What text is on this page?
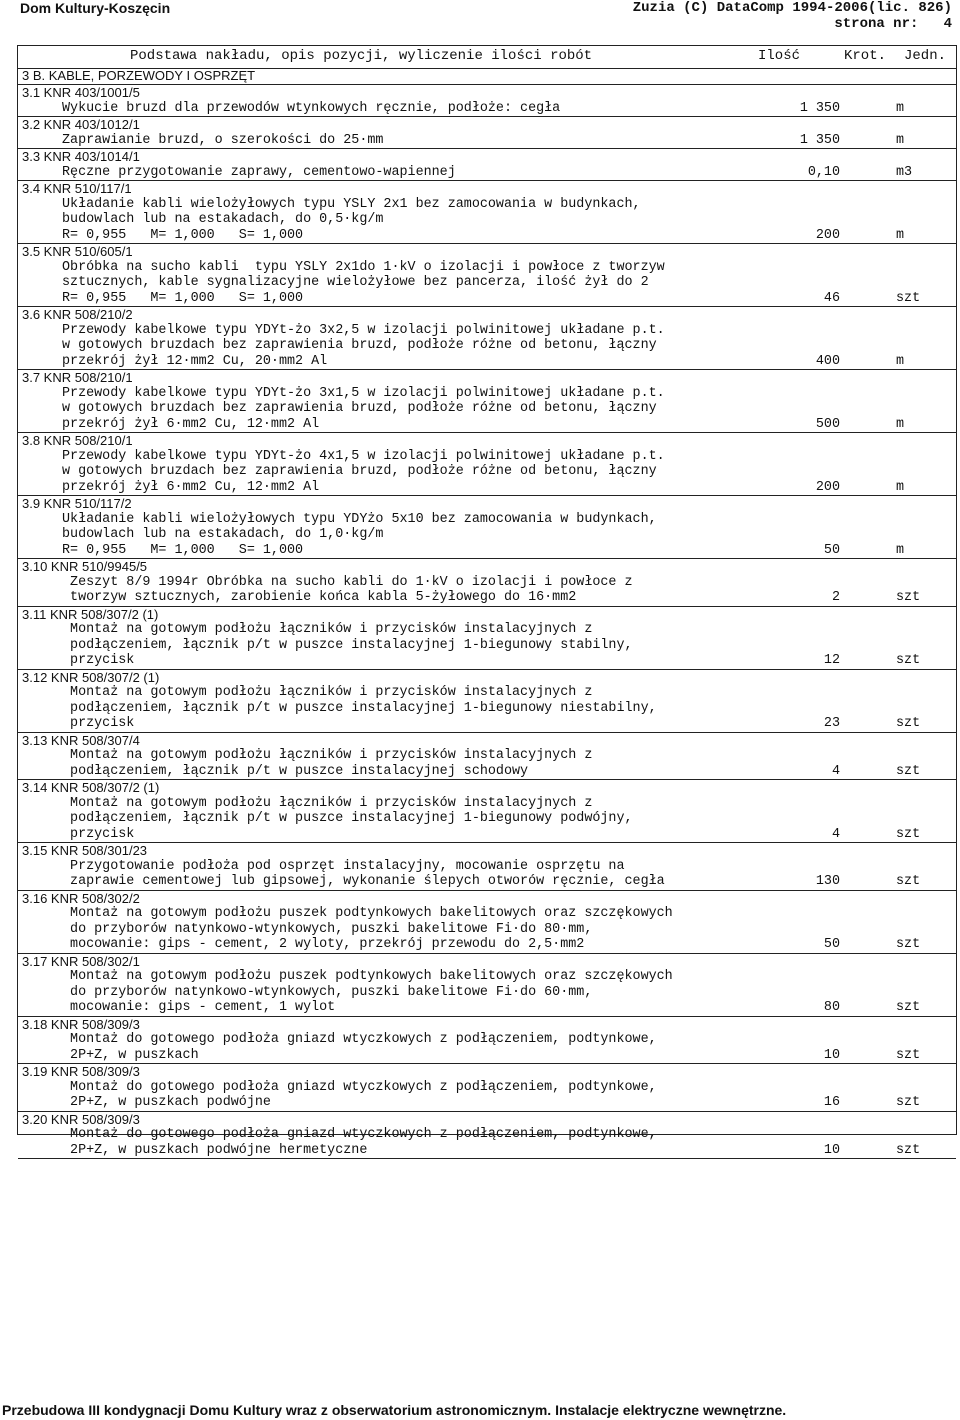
Dom Kultury-Koszęcin	Zuzia (C) DataComp 1994-2006(lic. 826)
strona nr:   4
Podstawa nakładu, opis pozycji, wyliczenie ilości robót	Ilość	Krot. Jedn.
3 B. KABLE, PORZEWODY I OSPRZĘT
3.1 KNR 403/1001/5
Wykucie bruzd dla przewodów wtynkowych ręcznie, podłoże: cegła	1 350	m
3.2 KNR 403/1012/1
Zaprawianie bruzd, o szerokości do 25·mm	1 350	m
3.3 KNR 403/1014/1
Ręczne przygotowanie zaprawy, cementowo-wapiennej	0,10	m3
3.4 KNR 510/117/1
Układanie kabli wielożyłowych typu YSLY 2x1 bez zamocowania w budynkach,
budowlach lub na estakadach, do 0,5·kg/m
R= 0,955   M= 1,000   S= 1,000	200	m
3.5 KNR 510/605/1
Obróbka na sucho kabli  typu YSLY 2x1do 1·kV o izolacji i powłoce z tworzyw
sztucznych, kable sygnalizacyjne wielożyłowe bez pancerza, ilość żył do 2
R= 0,955   M= 1,000   S= 1,000	46	szt
3.6 KNR 508/210/2
Przewody kabelkowe typu YDYt-żo 3x2,5 w izolacji polwinitowej układane p.t.
w gotowych bruzdach bez zaprawienia bruzd, podłoże różne od betonu, łączny
przekrój żył 12·mm2 Cu, 20·mm2 Al	400	m
3.7 KNR 508/210/1
Przewody kabelkowe typu YDYt-żo 3x1,5 w izolacji polwinitowej układane p.t.
w gotowych bruzdach bez zaprawienia bruzd, podłoże różne od betonu, łączny
przekrój żył 6·mm2 Cu, 12·mm2 Al	500	m
3.8 KNR 508/210/1
Przewody kabelkowe typu YDYt-żo 4x1,5 w izolacji polwinitowej układane p.t.
w gotowych bruzdach bez zaprawienia bruzd, podłoże różne od betonu, łączny
przekrój żył 6·mm2 Cu, 12·mm2 Al	200	m
3.9 KNR 510/117/2
Układanie kabli wielożyłowych typu YDYżo 5x10 bez zamocowania w budynkach,
budowlach lub na estakadach, do 1,0·kg/m
R= 0,955   M= 1,000   S= 1,000	50	m
3.10 KNR 510/9945/5
Zeszyt 8/9 1994r Obróbka na sucho kabli do 1·kV o izolacji i powłoce z
tworzyw sztucznych, zarobienie końca kabla 5-żyłowego do 16·mm2	2	szt
3.11 KNR 508/307/2 (1)
Montaż na gotowym podłożu łączników i przycisków instalacyjnych z
podłączeniem, łącznik p/t w puszce instalacyjnej 1-biegunowy stabilny,
przycisk	12	szt
3.12 KNR 508/307/2 (1)
Montaż na gotowym podłożu łączników i przycisków instalacyjnych z
podłączeniem, łącznik p/t w puszce instalacyjnej 1-biegunowy niestabilny,
przycisk	23	szt
3.13 KNR 508/307/4
Montaż na gotowym podłożu łączników i przycisków instalacyjnych z
podłączeniem, łącznik p/t w puszce instalacyjnej schodowy	4	szt
3.14 KNR 508/307/2 (1)
Montaż na gotowym podłożu łączników i przycisków instalacyjnych z
podłączeniem, łącznik p/t w puszce instalacyjnej 1-biegunowy podwójny,
przycisk	4	szt
3.15 KNR 508/301/23
Przygotowanie podłoża pod osprzęt instalacyjny, mocowanie osprzętu na
zaprawie cementowej lub gipsowej, wykonanie ślepych otworów ręcznie, cegła	130	szt
3.16 KNR 508/302/2
Montaż na gotowym podłożu puszek podtynkowych bakelitowych oraz szczękowych
do przyborów natynkowo-wtynkowych, puszki bakelitowe Fi·do 80·mm,
mocowanie: gips - cement, 2 wyloty, przekrój przewodu do 2,5·mm2	50	szt
3.17 KNR 508/302/1
Montaż na gotowym podłożu puszek podtynkowych bakelitowych oraz szczękowych
do przyborów natynkowo-wtynkowych, puszki bakelitowe Fi·do 60·mm,
mocowanie: gips - cement, 1 wylot	80	szt
3.18 KNR 508/309/3
Montaż do gotowego podłoża gniazd wtyczkowych z podłączeniem, podtynkowe,
2P+Z, w puszkach	10	szt
3.19 KNR 508/309/3
Montaż do gotowego podłoża gniazd wtyczkowych z podłączeniem, podtynkowe,
2P+Z, w puszkach podwójne	16	szt
3.20 KNR 508/309/3
Montaż do gotowego podłoża gniazd wtyczkowych z podłączeniem, podtynkowe,
2P+Z, w puszkach podwójne hermetyczne	10	szt
Przebudowa III kondygnacji Domu Kultury wraz z obserwatorium astronomicznym. Instalacje elektryczne wewnętrzne.
